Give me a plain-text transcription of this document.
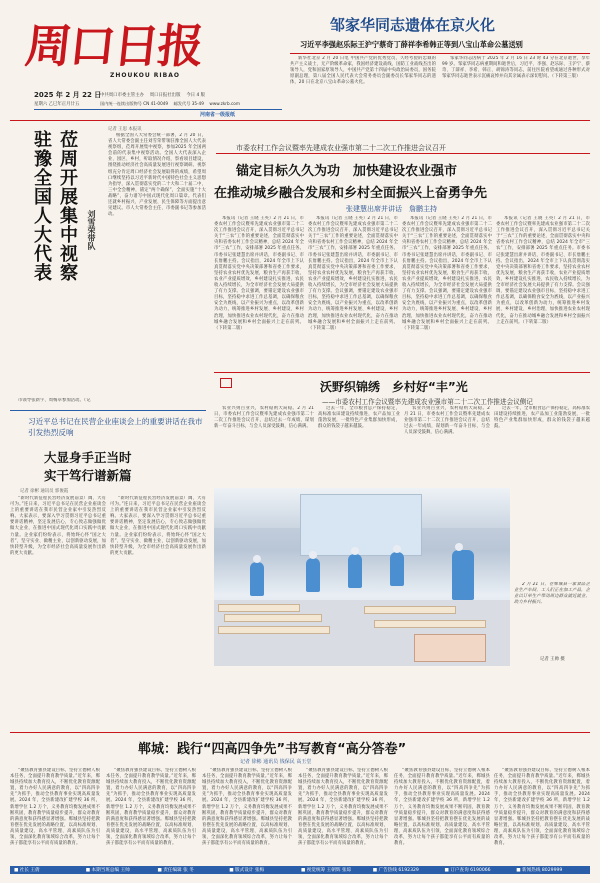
周口日报
ZHOUKOU RIBAO
2025 年 2 月 22 日
星期六 乙巳年正月廿五
中共周口市委主管主办　 周口日报社出版　 今日 4 版
国内统一连续出版物号 CN 41-0049　 邮发代号 35-49　 www.zkrb.com
河南省一级报纸
邹家华同志遗体在京火化
习近平李强赵乐际王沪宁蔡奇丁薛祥李希韩正等到八宝山革命公墓送别

新华社北京 2 月 20 日电 中国共产党的优秀党员，久经考验的忠诚的共产主义战士，无产阶级革命家，我国经济建设战线、国防工业战线杰出的领导人，党和国家原领导人，中国共产党第十四届中央政治局委员，国务院原副总理，第八届全国人民代表大会常务委员会副委员长邹家华同志的遗体，20 日在北京八宝山革命公墓火化。

邹家华同志因病于 2025 年 2 月 16 日 23 时 43 分在北京逝世，享年 99 岁。邹家华同志病重期间和逝世后，习近平、李强、赵乐际、王沪宁、蔡奇、丁薛祥、李希、韩正、胡锦涛等同志，前往医院看望或通过各种形式对邹家华同志逝世表示沉痛哀悼并向其亲属表示深切慰问。（下转第三版）

莅周开展集中视察
驻豫全国人大代表	刘雪荣带队
记者 王思 本报讯

根据全国人大常委会统一部署，2 月 20 日，省人大常委会副主任刘雪荣带领驻豫全国人大代表视察组，莅周开展集中视察，参加2025 年全国两会前的代表集中视察活动。全国人大代表深入企业、园区、乡村，听取情况介绍，察看项目建设，围绕推动经济社会高质量发展进行视察调研。视察组充分肯定周口经济社会发展取得的成绩，希望周口继续坚持以习近平新时代中国特色社会主义思想为指导，深入贯彻落实党的二十大和二十届二中、三中全会精神，锚定“两个确保”，全面实施“十大战略”，奋力谱写中国式现代化周口篇章。代表们还就乡村振兴、产业发展、民生保障等方面提出意见建议。市人大常委会主任、市委副书记等参加活动。

市领导张新宇、周梅卓参加活动。（记

习近平总书记在民营企业座谈会上的重要讲话在我市引发热烈反响
大显身手正当时
实干笃行谱新篇
记者 徐彬 通讯员 郭俊霞

“新时代新征程民营经济发展前景广阔、大有可为。”连日来，习近平总书记在民营企业座谈会上的重要讲话在我市民营企业家中引发热烈反响。大家表示，要深入学习贯彻习近平总书记重要讲话精神，坚定发展信心，专心致志做强做优做大企业，在推进中国式现代化周口实践中贡献力量。企业家们纷纷表示，将始终心怀“国之大者”，坚守实业、做精主业，以创新驱动发展，加快转型升级，为全市经济社会高质量发展作出新的更大贡献。

“新时代新征程民营经济发展前景广阔、大有可为。”连日来，习近平总书记在民营企业座谈会上的重要讲话在我市民营企业家中引发热烈反响。大家表示，要深入学习贯彻习近平总书记重要讲话精神，坚定发展信心，专心致志做强做优做大企业，在推进中国式现代化周口实践中贡献力量。企业家们纷纷表示，将始终心怀“国之大者”，坚守实业、做精主业，以创新驱动发展，加快转型升级，为全市经济社会高质量发展作出新的更大贡献。

市委农村工作会议暨率先建成农业强市第二十二次工作推进会议召开
锚定目标久久为功　加快建设农业强市
在推动城乡融合发展和乡村全面振兴上奋勇争先
张建慧出席并讲话　詹鹏主持

本报讯（记者 王晓 王英）2 月 21 日，市委农村工作会议暨率先建成农业强市第二十二次工作推进会议召开，深入贯彻习近平总书记关于“三农”工作的重要论述，全面贯彻落实中央和省委农村工作会议精神，总结 2024 年全市“三农”工作，安排部署 2025 年重点任务。市委书记张建慧出席并讲话，市委副书记、市长詹鹏主持。会议指出，2024 年全市上下认真贯彻落实党中央决策部署和省委工作要求，坚持农业农村优先发展，粮食生产再获丰收，农业产业提质增效，乡村建设扎实推进，农民收入持续增长，为全市经济社会发展大局提供了有力支撑。会议强调，要锚定建设农业强市目标，坚持稳中求进工作总基调，以确保粮食安全为底线，以产业振兴为重点，以改革创新为动力，统筹推进乡村发展、乡村建设、乡村治理，加快推进农业农村现代化，奋力在推动城乡融合发展和乡村全面振兴上走在前列。（下转第二版）

本报讯（记者 王晓 王英）2 月 21 日，市委农村工作会议暨率先建成农业强市第二十二次工作推进会议召开，深入贯彻习近平总书记关于“三农”工作的重要论述，全面贯彻落实中央和省委农村工作会议精神，总结 2024 年全市“三农”工作，安排部署 2025 年重点任务。市委书记张建慧出席并讲话，市委副书记、市长詹鹏主持。会议指出，2024 年全市上下认真贯彻落实党中央决策部署和省委工作要求，坚持农业农村优先发展，粮食生产再获丰收，农业产业提质增效，乡村建设扎实推进，农民收入持续增长，为全市经济社会发展大局提供了有力支撑。会议强调，要锚定建设农业强市目标，坚持稳中求进工作总基调，以确保粮食安全为底线，以产业振兴为重点，以改革创新为动力，统筹推进乡村发展、乡村建设、乡村治理，加快推进农业农村现代化，奋力在推动城乡融合发展和乡村全面振兴上走在前列。（下转第二版）

本报讯（记者 王晓 王英）2 月 21 日，市委农村工作会议暨率先建成农业强市第二十二次工作推进会议召开，深入贯彻习近平总书记关于“三农”工作的重要论述，全面贯彻落实中央和省委农村工作会议精神，总结 2024 年全市“三农”工作，安排部署 2025 年重点任务。市委书记张建慧出席并讲话，市委副书记、市长詹鹏主持。会议指出，2024 年全市上下认真贯彻落实党中央决策部署和省委工作要求，坚持农业农村优先发展，粮食生产再获丰收，农业产业提质增效，乡村建设扎实推进，农民收入持续增长，为全市经济社会发展大局提供了有力支撑。会议强调，要锚定建设农业强市目标，坚持稳中求进工作总基调，以确保粮食安全为底线，以产业振兴为重点，以改革创新为动力，统筹推进乡村发展、乡村建设、乡村治理，加快推进农业农村现代化，奋力在推动城乡融合发展和乡村全面振兴上走在前列。（下转第二版）

本报讯（记者 王晓 王英）2 月 21 日，市委农村工作会议暨率先建成农业强市第二十二次工作推进会议召开，深入贯彻习近平总书记关于“三农”工作的重要论述，全面贯彻落实中央和省委农村工作会议精神，总结 2024 年全市“三农”工作，安排部署 2025 年重点任务。市委书记张建慧出席并讲话，市委副书记、市长詹鹏主持。会议指出，2024 年全市上下认真贯彻落实党中央决策部署和省委工作要求，坚持农业农村优先发展，粮食生产再获丰收，农业产业提质增效，乡村建设扎实推进，农民收入持续增长，为全市经济社会发展大局提供了有力支撑。会议强调，要锚定建设农业强市目标，坚持稳中求进工作总基调，以确保粮食安全为底线，以产业振兴为重点，以改革创新为动力，统筹推进乡村发展、乡村建设、乡村治理，加快推进农业农村现代化，奋力在推动城乡融合发展和乡村全面振兴上走在前列。（下转第二版）

沃野织锦绣　乡村好“丰”光
——市委农村工作会议暨率先建成农业强市第二十二次工作推进会议侧记

农业兴则百业兴，农村稳则大局稳。2 月 21 日，市委农村工作会议暨率先建成农业强市第二十二次工作推进会议召开，总结过去一年成绩，谋划新一年奋斗目标，与会人员深受鼓舞，信心满满。

过去一年，全市粮食总产保持稳定，高标准农田建设持续推进，农产品加工业蓬勃发展，一批特色产业集群加快形成，群众的钱袋子越来越鼓。

农业兴则百业兴，农村稳则大局稳。2 月 21 日，市委农村工作会议暨率先建成农业强市第二十二次工作推进会议召开，总结过去一年成绩，谋划新一年奋斗目标，与会人员深受鼓舞，信心满满。

过去一年，全市粮食总产保持稳定，高标准农田建设持续推进，农产品加工业蓬勃发展，一批特色产业集群加快形成，群众的钱袋子越来越鼓。

2 月 21 日，在郸城县一家食品企业生产车间，工人们正在加工产品，企业以订单生产带动周边群众就近就业，助力乡村振兴。

记者 王帅 摄
郸城：践行“四高四争先”书写教育“高分答卷”
记者 徐彬 通讯员 钱保民 高玉堂

“聚焦教育强县建设目标，坚持立德树人根本任务，全面提升教育教学质量。”近年来，郸城县持续加大教育投入，不断优化教育资源配置，着力办好人民满意的教育，以“四高四争先”为抓手，推动全县教育事业实现高质量发展。2024 年，全县新建改扩建学校 36 所，新增学位 1.2 万个，义务教育均衡发展成果不断巩固，教育教学质量稳步提升，群众对教育的满意度和获得感显著增强。郸城县坚持把教育摆在优先发展的战略位置，以高标准规划、高质量建设、高水平管理、高素质队伍为引领，全面深化教育领域综合改革，努力让每个孩子都能享有公平而有质量的教育。

“聚焦教育强县建设目标，坚持立德树人根本任务，全面提升教育教学质量。”近年来，郸城县持续加大教育投入，不断优化教育资源配置，着力办好人民满意的教育，以“四高四争先”为抓手，推动全县教育事业实现高质量发展。2024 年，全县新建改扩建学校 36 所，新增学位 1.2 万个，义务教育均衡发展成果不断巩固，教育教学质量稳步提升，群众对教育的满意度和获得感显著增强。郸城县坚持把教育摆在优先发展的战略位置，以高标准规划、高质量建设、高水平管理、高素质队伍为引领，全面深化教育领域综合改革，努力让每个孩子都能享有公平而有质量的教育。

“聚焦教育强县建设目标，坚持立德树人根本任务，全面提升教育教学质量。”近年来，郸城县持续加大教育投入，不断优化教育资源配置，着力办好人民满意的教育，以“四高四争先”为抓手，推动全县教育事业实现高质量发展。2024 年，全县新建改扩建学校 36 所，新增学位 1.2 万个，义务教育均衡发展成果不断巩固，教育教学质量稳步提升，群众对教育的满意度和获得感显著增强。郸城县坚持把教育摆在优先发展的战略位置，以高标准规划、高质量建设、高水平管理、高素质队伍为引领，全面深化教育领域综合改革，努力让每个孩子都能享有公平而有质量的教育。

“聚焦教育强县建设目标，坚持立德树人根本任务，全面提升教育教学质量。”近年来，郸城县持续加大教育投入，不断优化教育资源配置，着力办好人民满意的教育，以“四高四争先”为抓手，推动全县教育事业实现高质量发展。2024 年，全县新建改扩建学校 36 所，新增学位 1.2 万个，义务教育均衡发展成果不断巩固，教育教学质量稳步提升，群众对教育的满意度和获得感显著增强。郸城县坚持把教育摆在优先发展的战略位置，以高标准规划、高质量建设、高水平管理、高素质队伍为引领，全面深化教育领域综合改革，努力让每个孩子都能享有公平而有质量的教育。

“聚焦教育强县建设目标，坚持立德树人根本任务，全面提升教育教学质量。”近年来，郸城县持续加大教育投入，不断优化教育资源配置，着力办好人民满意的教育，以“四高四争先”为抓手，推动全县教育事业实现高质量发展。2024 年，全县新建改扩建学校 36 所，新增学位 1.2 万个，义务教育均衡发展成果不断巩固，教育教学质量稳步提升，群众对教育的满意度和获得感显著增强。郸城县坚持把教育摆在优先发展的战略位置，以高标准规划、高质量建设、高水平管理、高素质队伍为引领，全面深化教育领域综合改革，努力让每个孩子都能享有公平而有质量的教育。

“聚焦教育强县建设目标，坚持立德树人根本任务，全面提升教育教学质量。”近年来，郸城县持续加大教育投入，不断优化教育资源配置，着力办好人民满意的教育，以“四高四争先”为抓手，推动全县教育事业实现高质量发展。2024 年，全县新建改扩建学校 36 所，新增学位 1.2 万个，义务教育均衡发展成果不断巩固，教育教学质量稳步提升，群众对教育的满意度和获得感显著增强。郸城县坚持把教育摆在优先发展的战略位置，以高标准规划、高质量建设、高水平管理、高素质队伍为引领，全面深化教育领域综合改革，努力让每个孩子都能享有公平而有质量的教育。

■ 社长 王倩	■ 本期当班总编 王帅	■ 责任编辑 张 冬	■ 版式设计 张梅	■ 视觉统筹 王朝辉 张琼	■ 广告热线 6192329	■ 订户查询 6190066	■ 新闻热线 8029999
